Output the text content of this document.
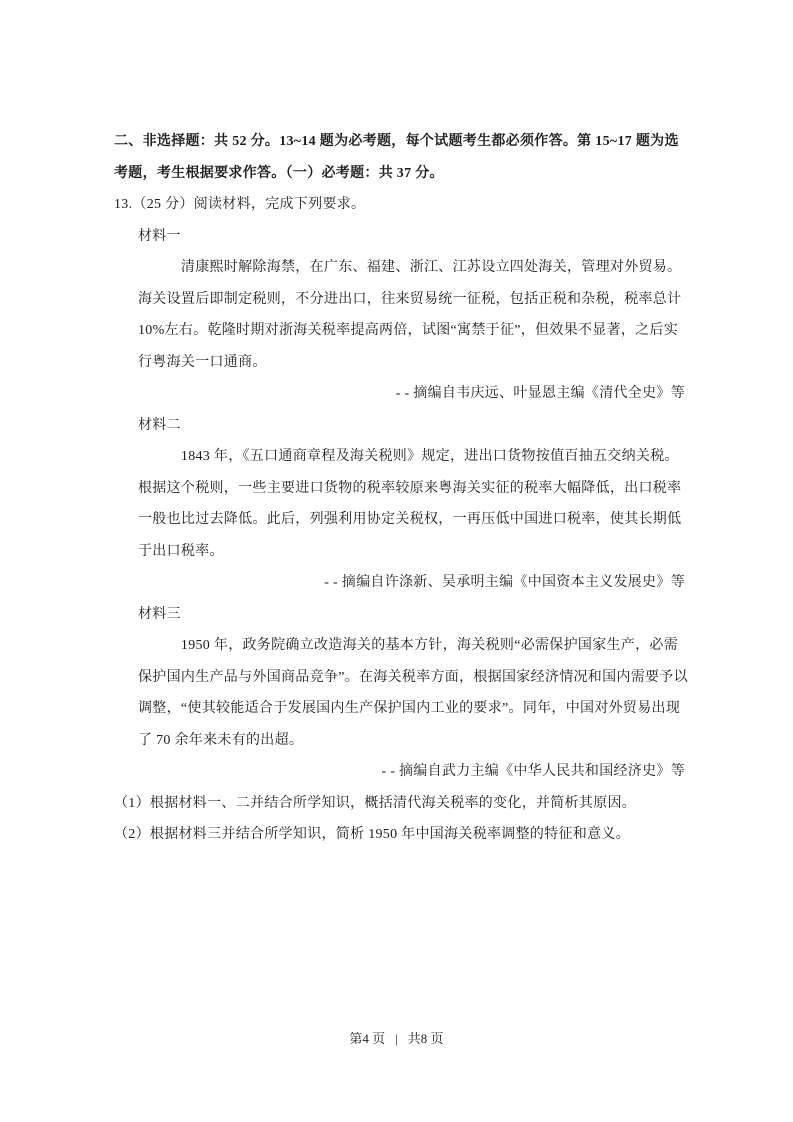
二、非选择题：共 52 分。13~14 题为必考题，每个试题考生都必须作答。第 15~17 题为选
考题，考生根据要求作答。（一）必考题：共 37 分。
13.（25 分）阅读材料，完成下列要求。
材料一
　　　清康熙时解除海禁，在广东、福建、浙江、江苏设立四处海关，管理对外贸易。
海关设置后即制定税则，不分进出口，往来贸易统一征税，包括正税和杂税，税率总计
10%左右。乾隆时期对浙海关税率提高两倍，试图“寓禁于征”，但效果不显著，之后实
行粤海关一口通商。
- - 摘编自韦庆远、叶显恩主编《清代全史》等
材料二
　　　1843 年，《五口通商章程及海关税则》规定，进出口货物按值百抽五交纳关税。
根据这个税则，一些主要进口货物的税率较原来粤海关实征的税率大幅降低，出口税率
一般也比过去降低。此后，列强利用协定关税权，一再压低中国进口税率，使其长期低
于出口税率。
- - 摘编自许涤新、吴承明主编《中国资本主义发展史》等
材料三
　　　1950 年，政务院确立改造海关的基本方针，海关税则“必需保护国家生产，必需
保护国内生产品与外国商品竞争”。在海关税率方面，根据国家经济情况和国内需要予以
调整，“使其较能适合于发展国内生产保护国内工业的要求”。同年，中国对外贸易出现
了 70 余年来未有的出超。
- - 摘编自武力主编《中华人民共和国经济史》等
（1）根据材料一、二并结合所学知识，概括清代海关税率的变化，并简析其原因。
（2）根据材料三并结合所学知识，简析 1950 年中国海关税率调整的特征和意义。
第4 页 | 共8 页
